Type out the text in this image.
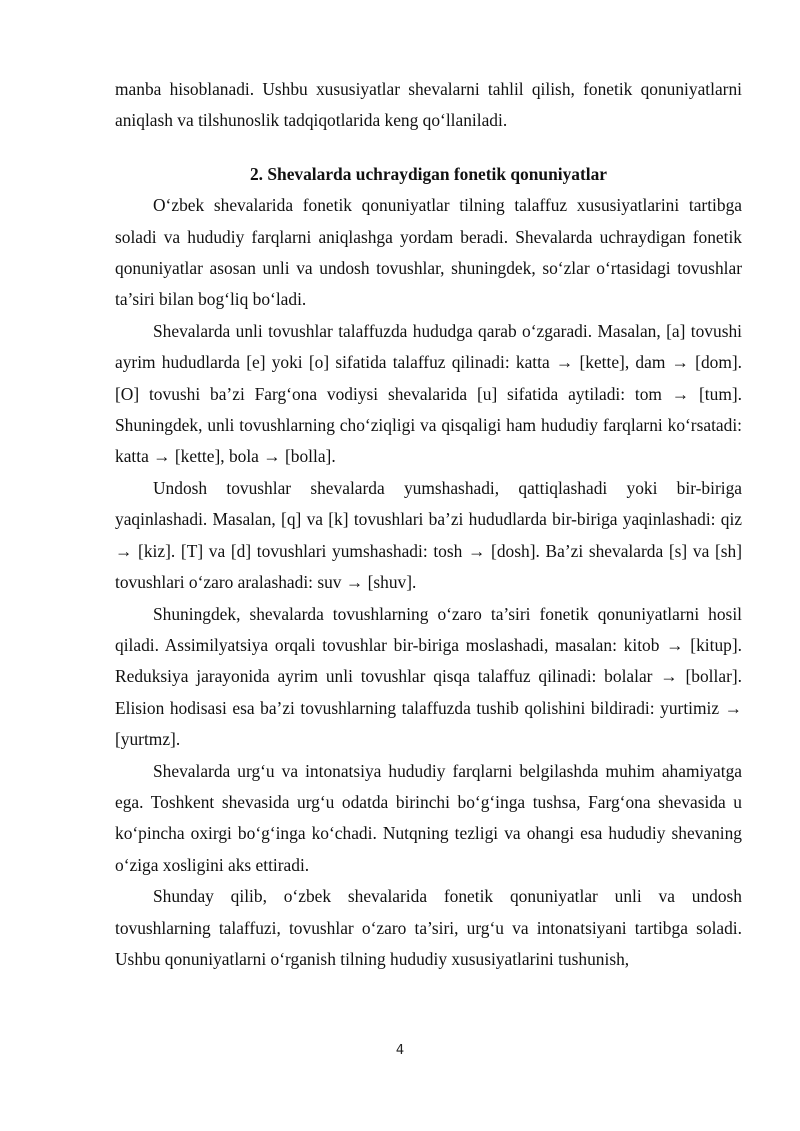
manba hisoblanadi. Ushbu xususiyatlar shevalarni tahlil qilish, fonetik qonuniyatlarni aniqlash va tilshunoslik tadqiqotlarida keng qo‘llaniladi.

2. Shevalarda uchraydigan fonetik qonuniyatlar

O‘zbek shevalarida fonetik qonuniyatlar tilning talaffuz xususiyatlarini tartibga soladi va hududiy farqlarni aniqlashga yordam beradi. Shevalarda uchraydigan fonetik qonuniyatlar asosan unli va undosh tovushlar, shuningdek, so‘zlar o‘rtasidagi tovushlar ta’siri bilan bog‘liq bo‘ladi.

Shevalarda unli tovushlar talaffuzda hududga qarab o‘zgaradi. Masalan, [a] tovushi ayrim hududlarda [e] yoki [o] sifatida talaffuz qilinadi: katta → [kette], dam → [dom]. [O] tovushi ba’zi Farg‘ona vodiysi shevalarida [u] sifatida aytiladi: tom → [tum]. Shuningdek, unli tovushlarning cho‘ziqligi va qisqaligi ham hududiy farqlarni ko‘rsatadi: katta → [kette], bola → [bolla].

Undosh tovushlar shevalarda yumshashadi, qattiqlashadi yoki bir-biriga yaqinlashadi. Masalan, [q] va [k] tovushlari ba’zi hududlarda bir-biriga yaqinlashadi: qiz → [kiz]. [T] va [d] tovushlari yumshashadi: tosh → [dosh]. Ba’zi shevalarda [s] va [sh] tovushlari o‘zaro aralashadi: suv → [shuv].

Shuningdek, shevalarda tovushlarning o‘zaro ta’siri fonetik qonuniyatlarni hosil qiladi. Assimilyatsiya orqali tovushlar bir-biriga moslashadi, masalan: kitob → [kitup]. Reduksiya jarayonida ayrim unli tovushlar qisqa talaffuz qilinadi: bolalar → [bollar]. Elision hodisasi esa ba’zi tovushlarning talaffuzda tushib qolishini bildiradi: yurtimiz → [yurtmz].

Shevalarda urg‘u va intonatsiya hududiy farqlarni belgilashda muhim ahamiyatga ega. Toshkent shevasida urg‘u odatda birinchi bo‘g‘inga tushsa, Farg‘ona shevasida u ko‘pincha oxirgi bo‘g‘inga ko‘chadi. Nutqning tezligi va ohangi esa hududiy shevaning o‘ziga xosligini aks ettiradi.

Shunday qilib, o‘zbek shevalarida fonetik qonuniyatlar unli va undosh tovushlarning talaffuzi, tovushlar o‘zaro ta’siri, urg‘u va intonatsiyani tartibga soladi. Ushbu qonuniyatlarni o‘rganish tilning hududiy xususiyatlarini tushunish,

4
